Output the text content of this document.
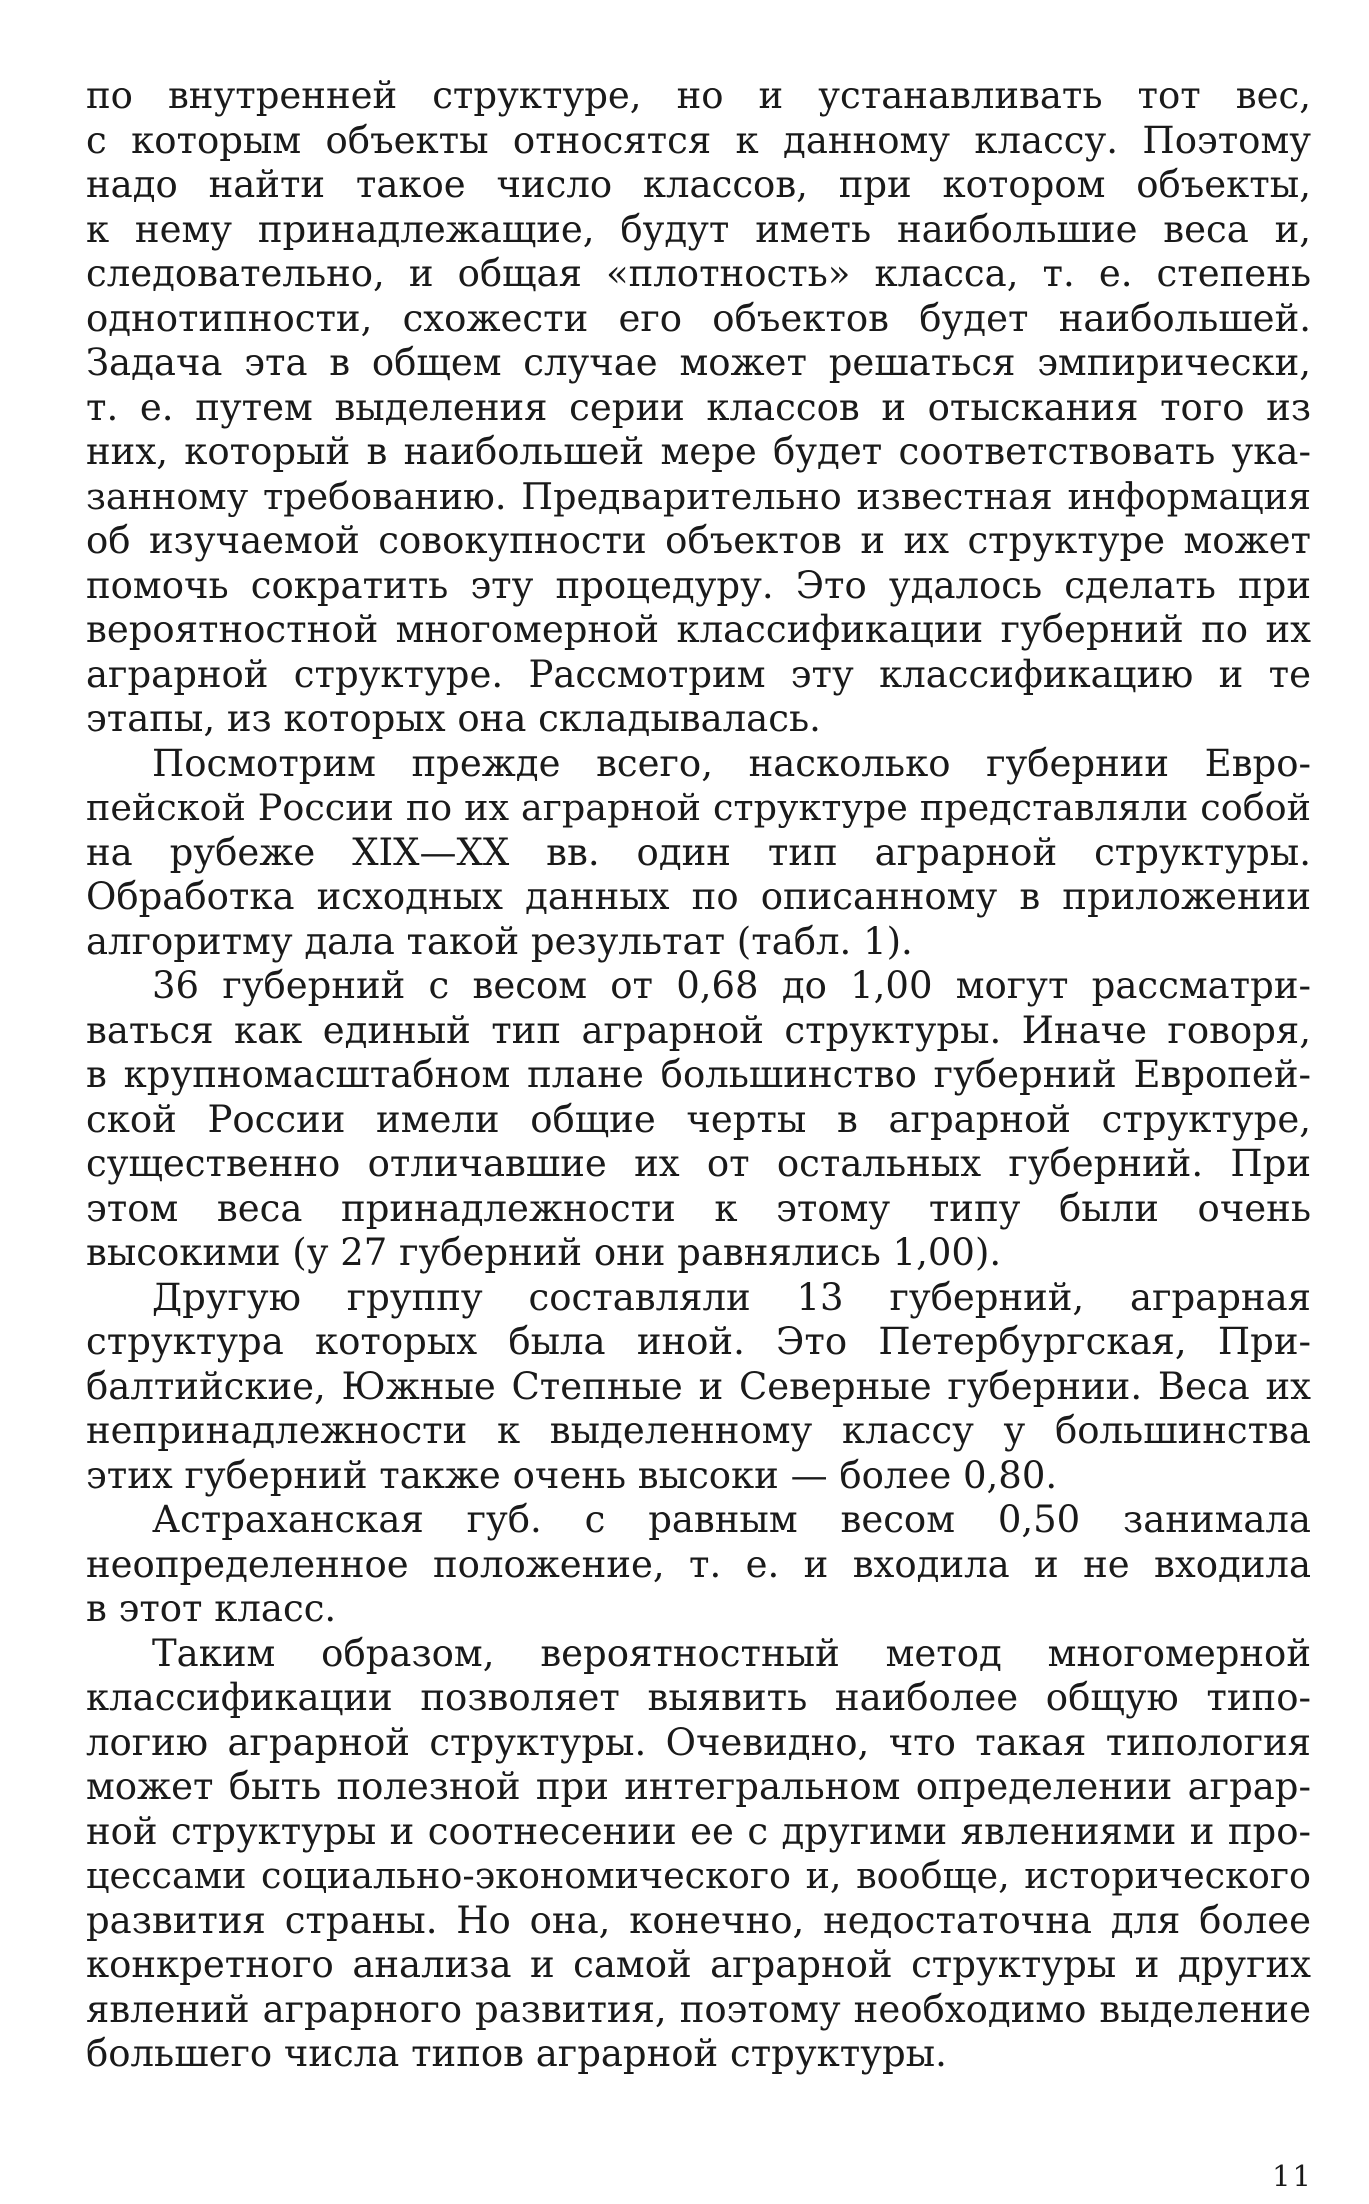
по внутренней структуре, но и устанавливать тот вес,
с которым объекты относятся к данному классу. Поэтому
надо найти такое число классов, при котором объекты,
к нему принадлежащие, будут иметь наибольшие веса и,
следовательно, и общая «плотность» класса, т. е. степень
однотипности, схожести его объектов будет наибольшей.
Задача эта в общем случае может решаться эмпирически,
т. е. путем выделения серии классов и отыскания того из
них, который в наибольшей мере будет соответствовать ука-
занному требованию. Предварительно известная информация
об изучаемой совокупности объектов и их структуре может
помочь сократить эту процедуру. Это удалось сделать при
вероятностной многомерной классификации губерний по их
аграрной структуре. Рассмотрим эту классификацию и те
этапы, из которых она складывалась.
Посмотрим прежде всего, насколько губернии Евро-
пейской России по их аграрной структуре представляли собой
на рубеже XIX—XX вв. один тип аграрной структуры.
Обработка исходных данных по описанному в приложении
алгоритму дала такой результат (табл. 1).
36 губерний с весом от 0,68 до 1,00 могут рассматри-
ваться как единый тип аграрной структуры. Иначе говоря,
в крупномасштабном плане большинство губерний Европей-
ской России имели общие черты в аграрной структуре,
существенно отличавшие их от остальных губерний. При
этом веса принадлежности к этому типу были очень
высокими (у 27 губерний они равнялись 1,00).
Другую группу составляли 13 губерний, аграрная
структура которых была иной. Это Петербургская, При-
балтийские, Южные Степные и Северные губернии. Веса их
непринадлежности к выделенному классу у большинства
этих губерний также очень высоки — более 0,80.
Астраханская губ. с равным весом 0,50 занимала
неопределенное положение, т. е. и входила и не входила
в этот класс.
Таким образом, вероятностный метод многомерной
классификации позволяет выявить наиболее общую типо-
логию аграрной структуры. Очевидно, что такая типология
может быть полезной при интегральном определении аграр-
ной структуры и соотнесении ее с другими явлениями и про-
цессами социально-экономического и, вообще, исторического
развития страны. Но она, конечно, недостаточна для более
конкретного анализа и самой аграрной структуры и других
явлений аграрного развития, поэтому необходимо выделение
большего числа типов аграрной структуры.
11
